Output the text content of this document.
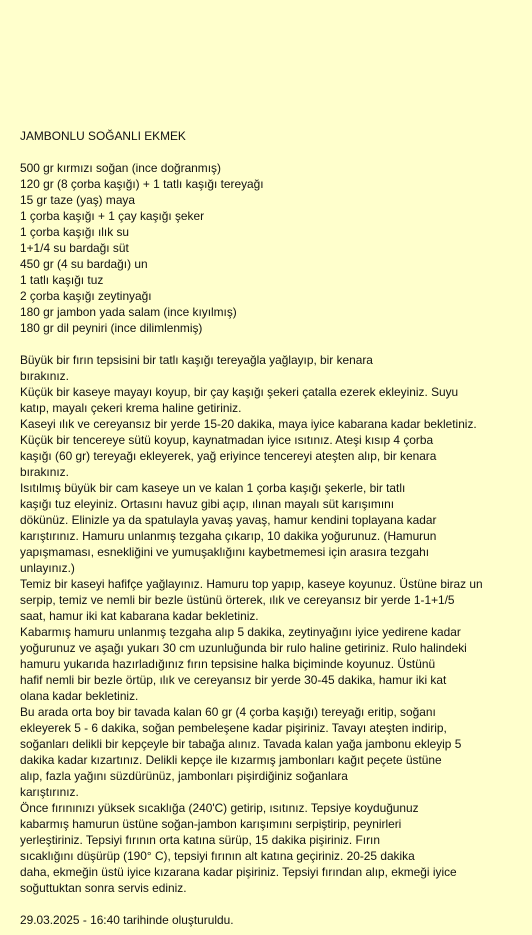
JAMBONLU SOĞANLI EKMEK
500 gr kırmızı soğan (ince doğranmış)
120 gr (8 çorba kaşığı) + 1 tatlı kaşığı tereyağı
15 gr taze (yaş) maya
1 çorba kaşığı + 1 çay kaşığı şeker
1 çorba kaşığı ılık su
1+1/4 su bardağı süt
450 gr (4 su bardağı) un
1 tatlı kaşığı tuz
2 çorba kaşığı zeytinyağı
180 gr jambon yada salam (ince kıyılmış)
180 gr dil peyniri (ince dilimlenmiş)
Büyük bir fırın tepsisini bir tatlı kaşığı tereyağla yağlayıp, bir kenara
bırakınız.
Küçük bir kaseye mayayı koyup, bir çay kaşığı şekeri çatalla ezerek ekleyiniz. Suyu
katıp, mayalı çekeri krema haline getiriniz.
Kaseyi ılık ve cereyansız bir yerde 15-20 dakika, maya iyice kabarana kadar bekletiniz.
Küçük bir tencereye sütü koyup, kaynatmadan iyice ısıtınız. Ateşi kısıp 4 çorba
kaşığı (60 gr) tereyağı ekleyerek, yağ eriyince tencereyi ateşten alıp, bir kenara
bırakınız.
Isıtılmış büyük bir cam kaseye un ve kalan 1 çorba kaşığı şekerle, bir tatlı
kaşığı tuz eleyiniz. Ortasını havuz gibi açıp, ılınan mayalı süt karışımını
dökünüz. Elinizle ya da spatulayla yavaş yavaş, hamur kendini toplayana kadar
karıştırınız. Hamuru unlanmış tezgaha çıkarıp, 10 dakika yoğurunuz. (Hamurun
yapışmaması, esnekliğini ve yumuşaklığını kaybetmemesi için arasıra tezgahı
unlayınız.)
Temiz bir kaseyi hafifçe yağlayınız. Hamuru top yapıp, kaseye koyunuz. Üstüne biraz un
serpip, temiz ve nemli bir bezle üstünü örterek, ılık ve cereyansız bir yerde 1-1+1/5
saat, hamur iki kat kabarana kadar bekletiniz.
Kabarmış hamuru unlanmış tezgaha alıp 5 dakika, zeytinyağını iyice yedirene kadar
yoğurunuz ve aşağı yukarı 30 cm uzunluğunda bir rulo haline getiriniz. Rulo halindeki
hamuru yukarıda hazırladığınız fırın tepsisine halka biçiminde koyunuz. Üstünü
hafif nemli bir bezle örtüp, ılık ve cereyansız bir yerde 30-45 dakika, hamur iki kat
olana kadar bekletiniz.
Bu arada orta boy bir tavada kalan 60 gr (4 çorba kaşığı) tereyağı eritip, soğanı
ekleyerek 5 - 6 dakika, soğan pembeleşene kadar pişiriniz. Tavayı ateşten indirip,
soğanları delikli bir kepçeyle bir tabağa alınız. Tavada kalan yağa jambonu ekleyip 5
dakika kadar kızartınız. Delikli kepçe ile kızarmış jambonları kağıt peçete üstüne
alıp, fazla yağını süzdürünüz, jambonları pişirdiğiniz soğanlara
karıştırınız.
Önce fırınınızı yüksek sıcaklığa (240'C) getirip, ısıtınız. Tepsiye koyduğunuz
kabarmış hamurun üstüne soğan-jambon karışımını serpiştirip, peynirleri
yerleştiriniz. Tepsiyi fırının orta katına sürüp, 15 dakika pişiriniz. Fırın
sıcaklığını düşürüp (190° C), tepsiyi fırının alt katına geçiriniz. 20-25 dakika
daha, ekmeğin üstü iyice kızarana kadar pişiriniz. Tepsiyi fırından alıp, ekmeği iyice
soğuttuktan sonra servis ediniz.
29.03.2025 - 16:40 tarihinde oluşturuldu.
